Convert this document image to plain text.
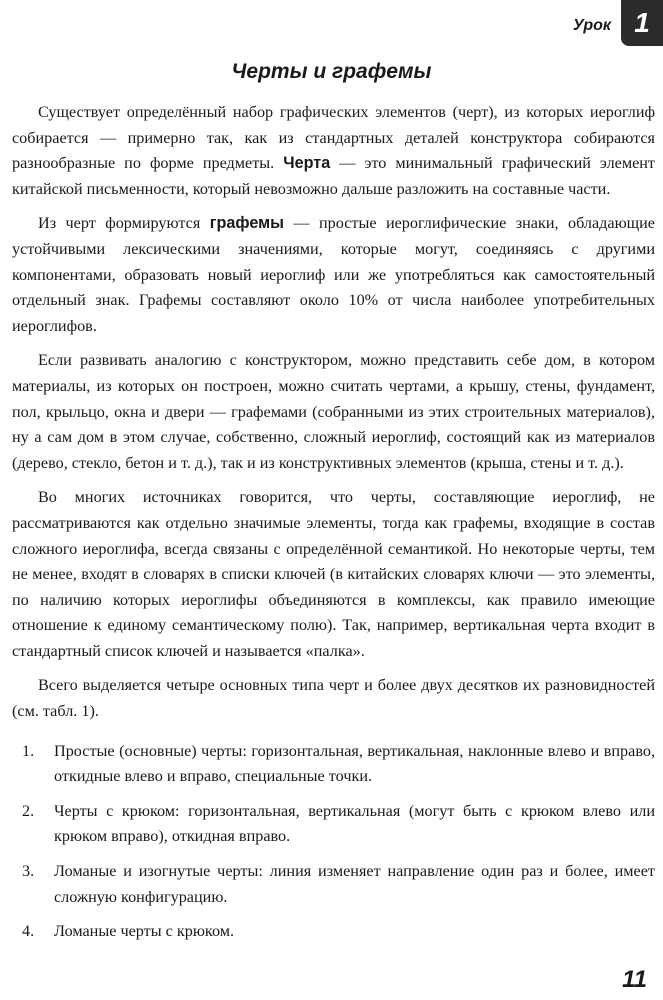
Урок 1
Черты и графемы

Существует определённый набор графических элементов (черт), из которых иероглиф собирается — примерно так, как из стандартных деталей конструктора собираются разнообразные по форме предметы. Черта — это минимальный графический элемент китайской письменности, который невозможно дальше разложить на составные части.

Из черт формируются графемы — простые иероглифические знаки, обладающие устойчивыми лексическими значениями, которые могут, соединяясь с другими компонентами, образовать новый иероглиф или же употребляться как самостоятельный отдельный знак. Графемы составляют около 10% от числа наиболее употребительных иероглифов.

Если развивать аналогию с конструктором, можно представить себе дом, в котором материалы, из которых он построен, можно считать чертами, а крышу, стены, фундамент, пол, крыльцо, окна и двери — графемами (собранными из этих строительных материалов), ну а сам дом в этом случае, собственно, сложный иероглиф, состоящий как из материалов (дерево, стекло, бетон и т. д.), так и из конструктивных элементов (крыша, стены и т. д.).

Во многих источниках говорится, что черты, составляющие иероглиф, не рассматриваются как отдельно значимые элементы, тогда как графемы, входящие в состав сложного иероглифа, всегда связаны с определённой семантикой. Но некоторые черты, тем не менее, входят в словарях в списки ключей (в китайских словарях ключи — это элементы, по наличию которых иероглифы объединяются в комплексы, как правило имеющие отношение к единому семантическому полю). Так, например, вертикальная черта входит в стандартный список ключей и называется «палка».

Всего выделяется четыре основных типа черт и более двух десятков их разновидностей (см. табл. 1).

1.	Простые (основные) черты: горизонтальная, вертикальная, наклонные влево и вправо, откидные влево и вправо, специальные точки.
2.	Черты с крюком: горизонтальная, вертикальная (могут быть с крюком влево или крюком вправо), откидная вправо.
3.	Ломаные и изогнутые черты: линия изменяет направление один раз и более, имеет сложную конфигурацию.
4.	Ломаные черты с крюком.
11
